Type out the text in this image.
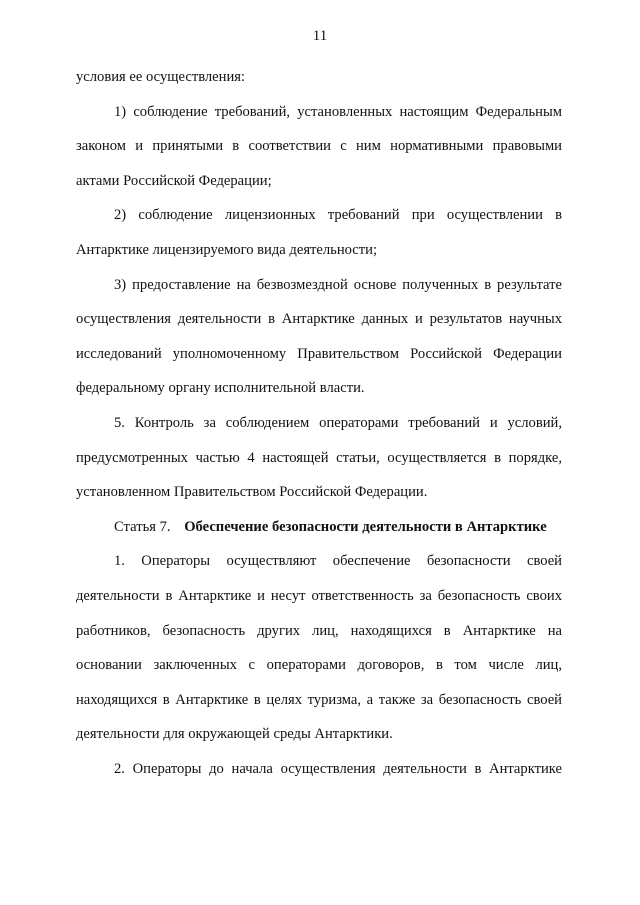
11
условия ее осуществления:
1) соблюдение требований, установленных настоящим Федеральным
законом и принятыми в соответствии с ним нормативными правовыми
актами Российской Федерации;
2) соблюдение лицензионных требований при осуществлении в
Антарктике лицензируемого вида деятельности;
3) предоставление на безвозмездной основе полученных в результате
осуществления деятельности в Антарктике данных и результатов научных
исследований уполномоченному Правительством Российской Федерации
федеральному органу исполнительной власти.
5. Контроль за соблюдением операторами требований и условий,
предусмотренных частью 4 настоящей статьи, осуществляется в порядке,
установленном Правительством Российской Федерации.
Статья 7. Обеспечение безопасности деятельности в Антарктике
1. Операторы осуществляют обеспечение безопасности своей
деятельности в Антарктике и несут ответственность за безопасность своих
работников, безопасность других лиц, находящихся в Антарктике на
основании заключенных с операторами договоров, в том числе лиц,
находящихся в Антарктике в целях туризма, а также за безопасность своей
деятельности для окружающей среды Антарктики.
2. Операторы до начала осуществления деятельности в Антарктике
